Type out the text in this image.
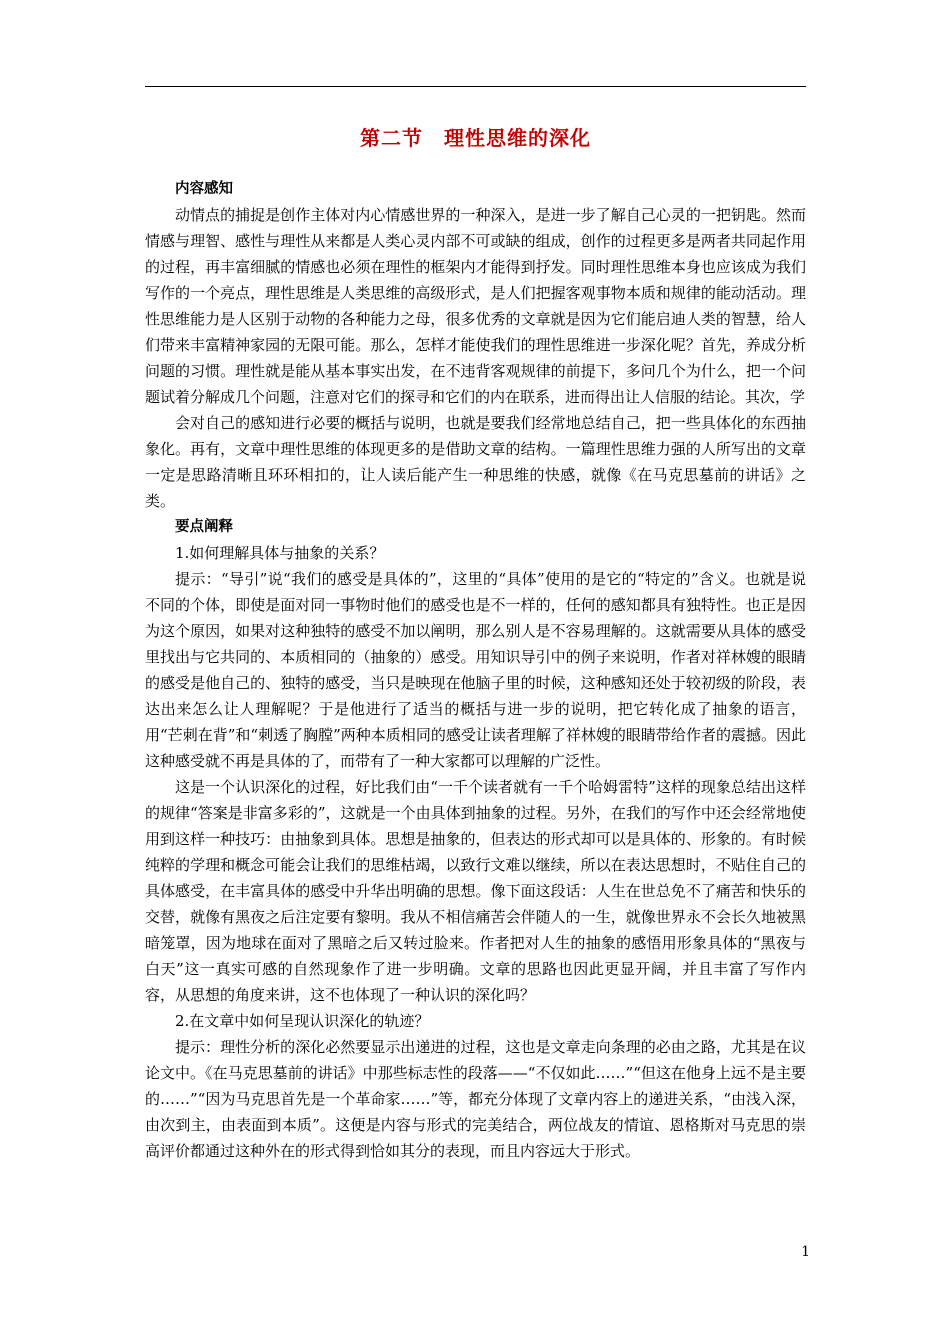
第二节　理性思维的深化
内容感知

动情点的捕捉是创作主体对内心情感世界的一种深入，是进一步了解自己心灵的一把钥匙。然而情感与理智、感性与理性从来都是人类心灵内部不可或缺的组成，创作的过程更多是两者共同起作用的过程，再丰富细腻的情感也必须在理性的框架内才能得到抒发。同时理性思维本身也应该成为我们写作的一个亮点，理性思维是人类思维的高级形式，是人们把握客观事物本质和规律的能动活动。理性思维能力是人区别于动物的各种能力之母，很多优秀的文章就是因为它们能启迪人类的智慧，给人们带来丰富精神家园的无限可能。那么，怎样才能使我们的理性思维进一步深化呢？首先，养成分析问题的习惯。理性就是能从基本事实出发，在不违背客观规律的前提下，多问几个为什么，把一个问题试着分解成几个问题，注意对它们的探寻和它们的内在联系，进而得出让人信服的结论。其次，学

会对自己的感知进行必要的概括与说明，也就是要我们经常地总结自己，把一些具体化的东西抽象化。再有，文章中理性思维的体现更多的是借助文章的结构。一篇理性思维力强的人所写出的文章一定是思路清晰且环环相扣的，让人读后能产生一种思维的快感，就像《在马克思墓前的讲话》之类。

要点阐释

1.如何理解具体与抽象的关系？

提示：“导引”说“我们的感受是具体的”，这里的“具体”使用的是它的“特定的”含义。也就是说不同的个体，即使是面对同一事物时他们的感受也是不一样的，任何的感知都具有独特性。也正是因为这个原因，如果对这种独特的感受不加以阐明，那么别人是不容易理解的。这就需要从具体的感受里找出与它共同的、本质相同的（抽象的）感受。用知识导引中的例子来说明，作者对祥林嫂的眼睛的感受是他自己的、独特的感受，当只是映现在他脑子里的时候，这种感知还处于较初级的阶段，表达出来怎么让人理解呢？于是他进行了适当的概括与进一步的说明，把它转化成了抽象的语言，用“芒刺在背”和“刺透了胸膛”两种本质相同的感受让读者理解了祥林嫂的眼睛带给作者的震撼。因此这种感受就不再是具体的了，而带有了一种大家都可以理解的广泛性。

这是一个认识深化的过程，好比我们由“一千个读者就有一千个哈姆雷特”这样的现象总结出这样的规律“答案是非富多彩的”，这就是一个由具体到抽象的过程。另外，在我们的写作中还会经常地使用到这样一种技巧：由抽象到具体。思想是抽象的，但表达的形式却可以是具体的、形象的。有时候纯粹的学理和概念可能会让我们的思维枯竭，以致行文难以继续，所以在表达思想时，不贴住自己的具体感受，在丰富具体的感受中升华出明确的思想。像下面这段话：人生在世总免不了痛苦和快乐的交替，就像有黑夜之后注定要有黎明。我从不相信痛苦会伴随人的一生，就像世界永不会长久地被黑暗笼罩，因为地球在面对了黑暗之后又转过脸来。作者把对人生的抽象的感悟用形象具体的“黑夜与白天”这一真实可感的自然现象作了进一步明确。文章的思路也因此更显开阔，并且丰富了写作内容，从思想的角度来讲，这不也体现了一种认识的深化吗？

2.在文章中如何呈现认识深化的轨迹？

提示：理性分析的深化必然要显示出递进的过程，这也是文章走向条理的必由之路，尤其是在议论文中。《在马克思墓前的讲话》中那些标志性的段落——“不仅如此……”“但这在他身上远不是主要的……”“因为马克思首先是一个革命家……”等，都充分体现了文章内容上的递进关系，“由浅入深，由次到主，由表面到本质”。这便是内容与形式的完美结合，两位战友的情谊、恩格斯对马克思的崇高评价都通过这种外在的形式得到恰如其分的表现，而且内容远大于形式。

1
